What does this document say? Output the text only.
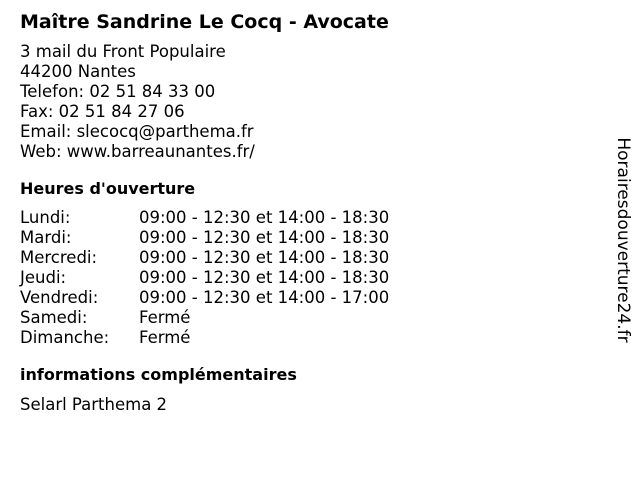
Maître Sandrine Le Cocq - Avocate
3 mail du Front Populaire
44200 Nantes
Telefon: 02 51 84 33 00
Fax: 02 51 84 27 06
Email: slecocq@parthema.fr
Web: www.barreaunantes.fr/
Heures d'ouverture
Lundi:	09:00 - 12:30 et 14:00 - 18:30
Mardi:	09:00 - 12:30 et 14:00 - 18:30
Mercredi:	09:00 - 12:30 et 14:00 - 18:30
Jeudi:	09:00 - 12:30 et 14:00 - 18:30
Vendredi:	09:00 - 12:30 et 14:00 - 17:00
Samedi:	Fermé
Dimanche:	Fermé
informations complémentaires
Selarl Parthema 2
Horairesdouverture24.fr
